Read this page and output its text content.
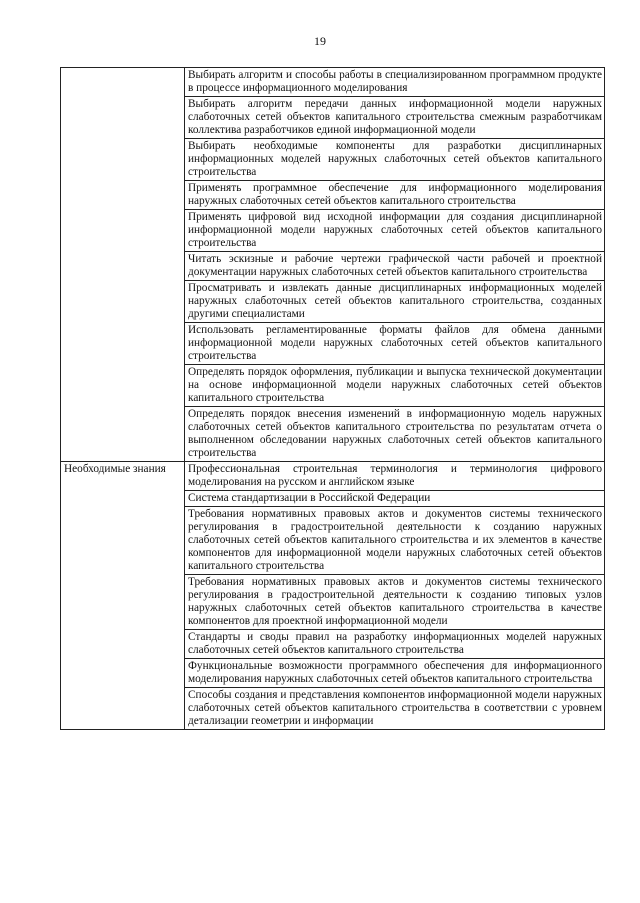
19
	Выбирать алгоритм и способы работы в специализированном программном продукте в процессе информационного моделирования
	Выбирать алгоритм передачи данных информационной модели наружных слаботочных сетей объектов капитального строительства смежным разработчикам коллектива разработчиков единой информационной модели
	Выбирать необходимые компоненты для разработки дисциплинарных информационных моделей наружных слаботочных сетей объектов капитального строительства
	Применять программное обеспечение для информационного моделирования наружных слаботочных сетей объектов капитального строительства
	Применять цифровой вид исходной информации для создания дисциплинарной информационной модели наружных слаботочных сетей объектов капитального строительства
	Читать эскизные и рабочие чертежи графической части рабочей и проектной документации наружных слаботочных сетей объектов капитального строительства
	Просматривать и извлекать данные дисциплинарных информационных моделей наружных слаботочных сетей объектов капитального строительства, созданных другими специалистами
	Использовать регламентированные форматы файлов для обмена данными информационной модели наружных слаботочных сетей объектов капитального строительства
	Определять порядок оформления, публикации и выпуска технической документации на основе информационной модели наружных слаботочных сетей объектов капитального строительства
	Определять порядок внесения изменений в информационную модель наружных слаботочных сетей объектов капитального строительства по результатам отчета о выполненном обследовании наружных слаботочных сетей объектов капитального строительства
Необходимые знания	Профессиональная строительная терминология и терминология цифрового моделирования на русском и английском языке
	Система стандартизации в Российской Федерации
	Требования нормативных правовых актов и документов системы технического регулирования в градостроительной деятельности к созданию наружных слаботочных сетей объектов капитального строительства и их элементов в качестве компонентов для информационной модели наружных слаботочных сетей объектов капитального строительства
	Требования нормативных правовых актов и документов системы технического регулирования в градостроительной деятельности к созданию типовых узлов наружных слаботочных сетей объектов капитального строительства в качестве компонентов для проектной информационной модели
	Стандарты и своды правил на разработку информационных моделей наружных слаботочных сетей объектов капитального строительства
	Функциональные возможности программного обеспечения для информационного моделирования наружных слаботочных сетей объектов капитального строительства
	Способы создания и представления компонентов информационной модели наружных слаботочных сетей объектов капитального строительства в соответствии с уровнем детализации геометрии и информации
